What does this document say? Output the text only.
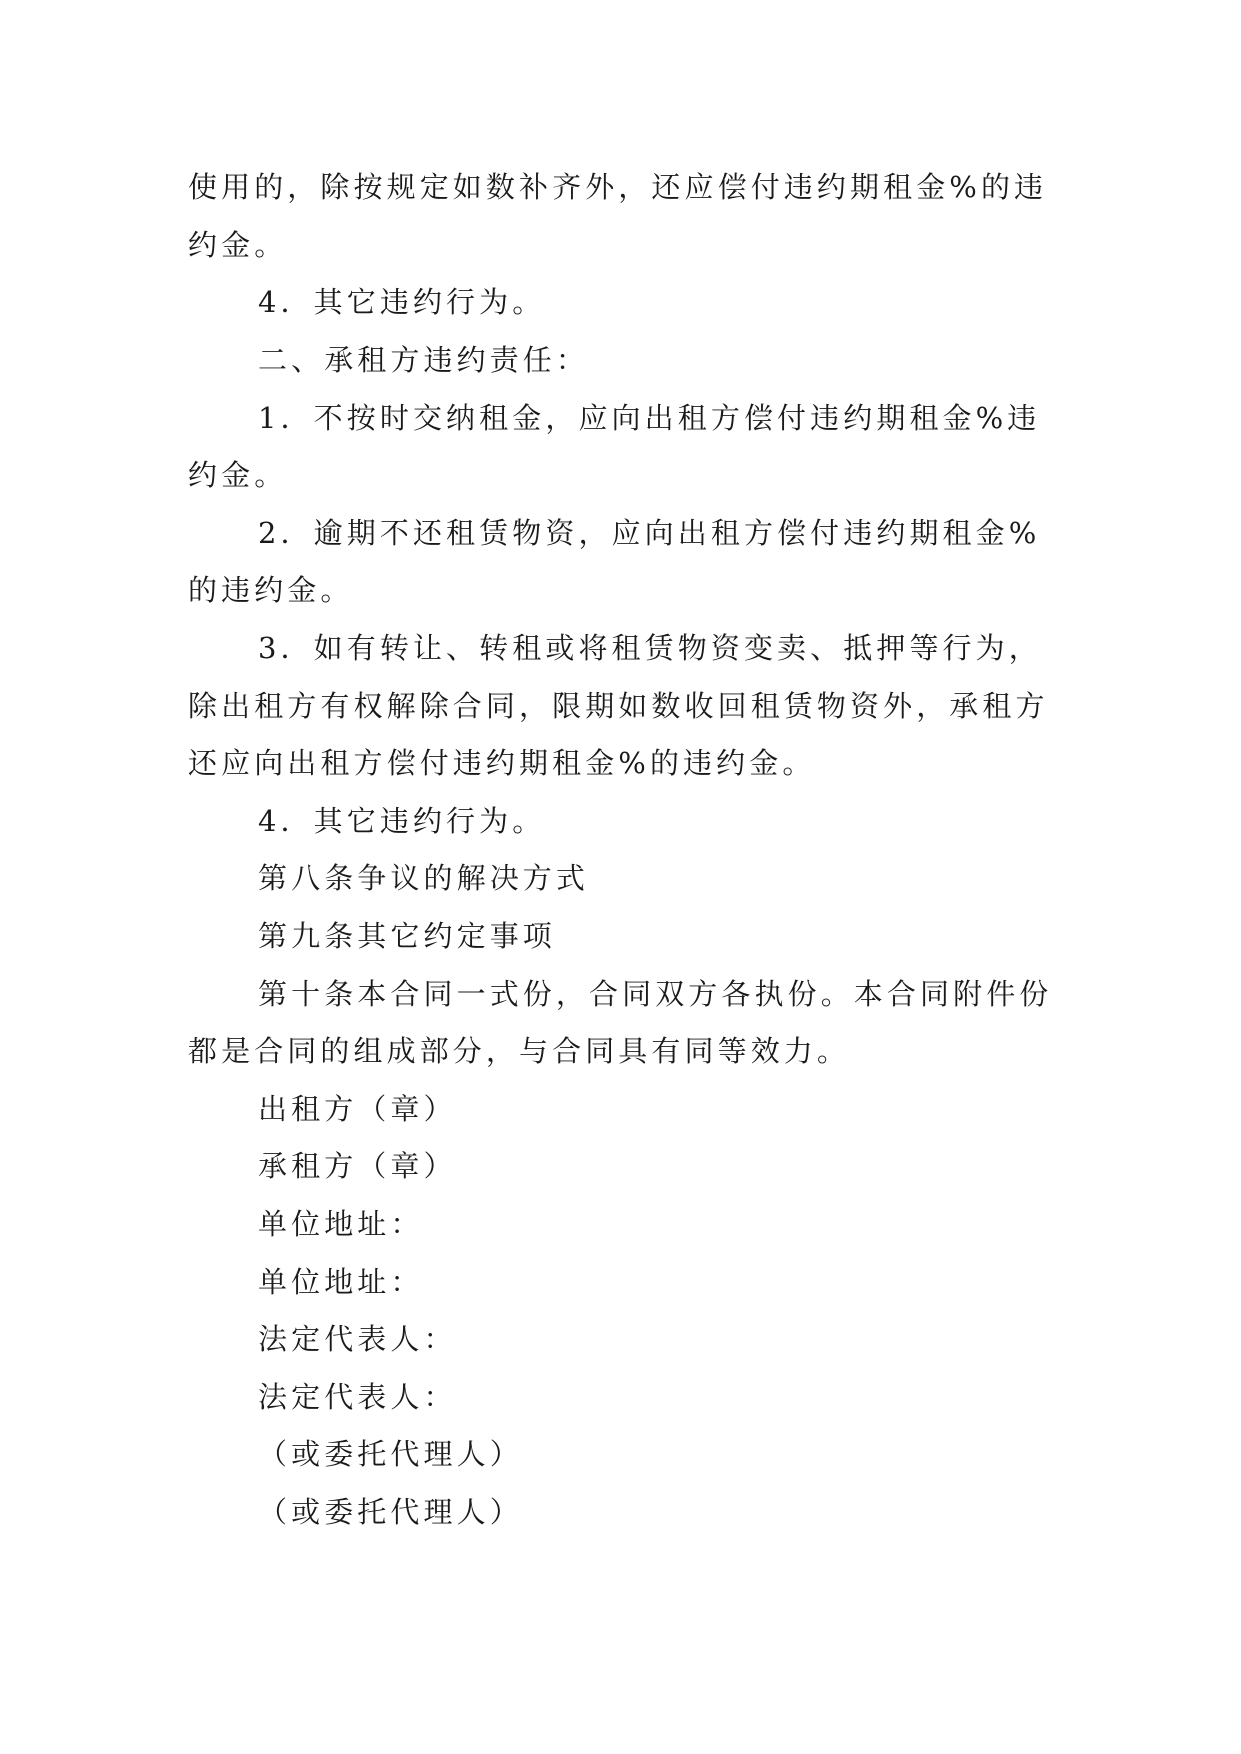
使用的，除按规定如数补齐外，还应偿付违约期租金%的违

约金。

4．其它违约行为。

二、承租方违约责任：

1．不按时交纳租金，应向出租方偿付违约期租金%违

约金。

2．逾期不还租赁物资，应向出租方偿付违约期租金%

的违约金。

3．如有转让、转租或将租赁物资变卖、抵押等行为，

除出租方有权解除合同，限期如数收回租赁物资外，承租方

还应向出租方偿付违约期租金%的违约金。

4．其它违约行为。

第八条争议的解决方式

第九条其它约定事项

第十条本合同一式份，合同双方各执份。本合同附件份

都是合同的组成部分，与合同具有同等效力。

出租方（章）

承租方（章）

单位地址：

单位地址：

法定代表人：

法定代表人：

（或委托代理人）

（或委托代理人）
